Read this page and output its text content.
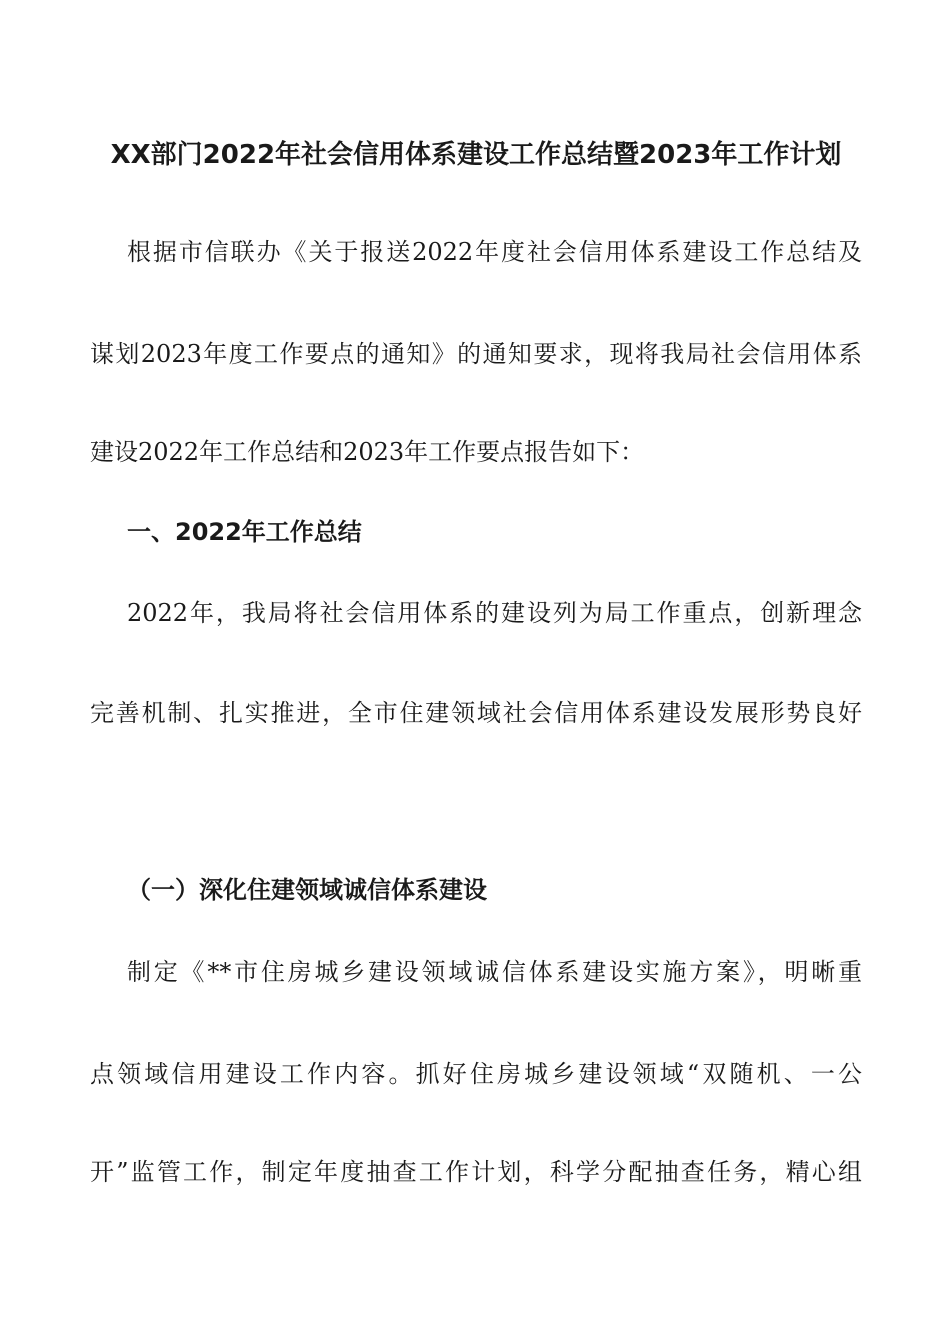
XX部门2022年社会信用体系建设工作总结暨2023年工作计划
根据市信联办《关于报送2022年度社会信用体系建设工作总结及
谋划2023年度工作要点的通知》的通知要求，现将我局社会信用体系
建设2022年工作总结和2023年工作要点报告如下：
一、2022年工作总结
2022年，我局将社会信用体系的建设列为局工作重点，创新理念
完善机制、扎实推进，全市住建领域社会信用体系建设发展形势良好
（一）深化住建领域诚信体系建设
制定《**市住房城乡建设领域诚信体系建设实施方案》，明晰重
点领域信用建设工作内容。抓好住房城乡建设领域“双随机、一公
开”监管工作，制定年度抽查工作计划，科学分配抽查任务，精心组
